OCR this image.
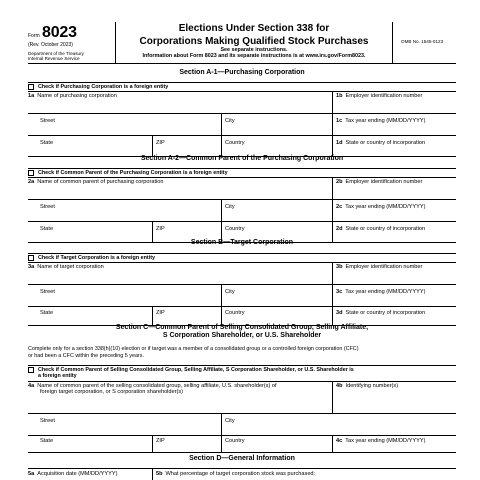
Form 8023
(Rev. October 2023)
Department of the Treasury
Internal Revenue Service
Elections Under Section 338 for
Corporations Making Qualified Stock Purchases
See separate instructions.
Information about Form 8023 and its separate instructions is at www.irs.gov/Form8023.
OMB No. 1545-0123
Section A-1—Purchasing Corporation
Check if Purchasing Corporation is a foreign entity
1a Name of purchasing corporation	1b Employer identification number
Street	City	1c Tax year ending (MM/DD/YYYY)
State	ZIP	Country	1d State or country of incorporation
Section A-2—Common Parent of the Purchasing Corporation
Check if Common Parent of the Purchasing Corporation is a foreign entity
2a Name of common parent of purchasing corporation	2b Employer identification number
Street	City	2c Tax year ending (MM/DD/YYYY)
State	ZIP	Country	2d State or country of incorporation
Section B—Target Corporation
Check if Target Corporation is a foreign entity
3a Name of target corporation	3b Employer identification number
Street	City	3c Tax year ending (MM/DD/YYYY)
State	ZIP	Country	3d State or country of incorporation
Section C—Common Parent of Selling Consolidated Group, Selling Affiliate,
S Corporation Shareholder, or U.S. Shareholder
Complete only for a section 338(h)(10) election or if target was a member of a consolidated group or a controlled foreign corporation (CFC)
or had been a CFC within the preceding 5 years.
Check if Common Parent of Selling Consolidated Group, Selling Affiliate, S Corporation Shareholder, or U.S. Shareholder is
a foreign entity
4a Name of common parent of the selling consolidated group, selling affiliate, U.S. shareholder(s) of
foreign target corporation, or S corporation shareholder(s)
4b Identifying number(s)
Street	City
State	ZIP	Country	4c Tax year ending (MM/DD/YYYY)
Section D—General Information
5a Acquisition date (MM/DD/YYYY)	5b What percentage of target corporation stock was purchased:
